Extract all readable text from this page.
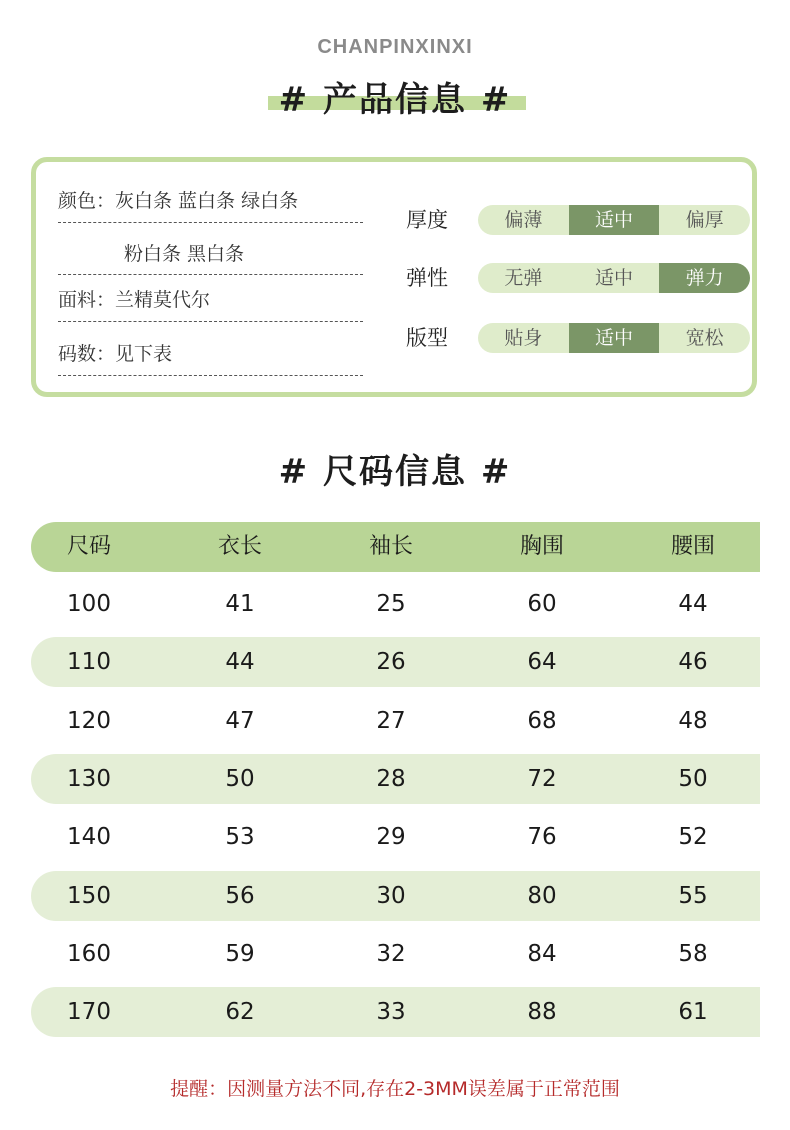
CHANPINXINXI
# 产品信息 #
颜色：灰白条 蓝白条 绿白条
粉白条 黑白条
面料：兰精莫代尔
码数：见下表
厚度	偏薄	适中	偏厚
弹性	无弹	适中	弹力
版型	贴身	适中	宽松
# 尺码信息 #
尺码	衣长	袖长	胸围	腰围
100	41	25	60	44
110	44	26	64	46
120	47	27	68	48
130	50	28	72	50
140	53	29	76	52
150	56	30	80	55
160	59	32	84	58
170	62	33	88	61
提醒：因测量方法不同,存在2-3MM误差属于正常范围
